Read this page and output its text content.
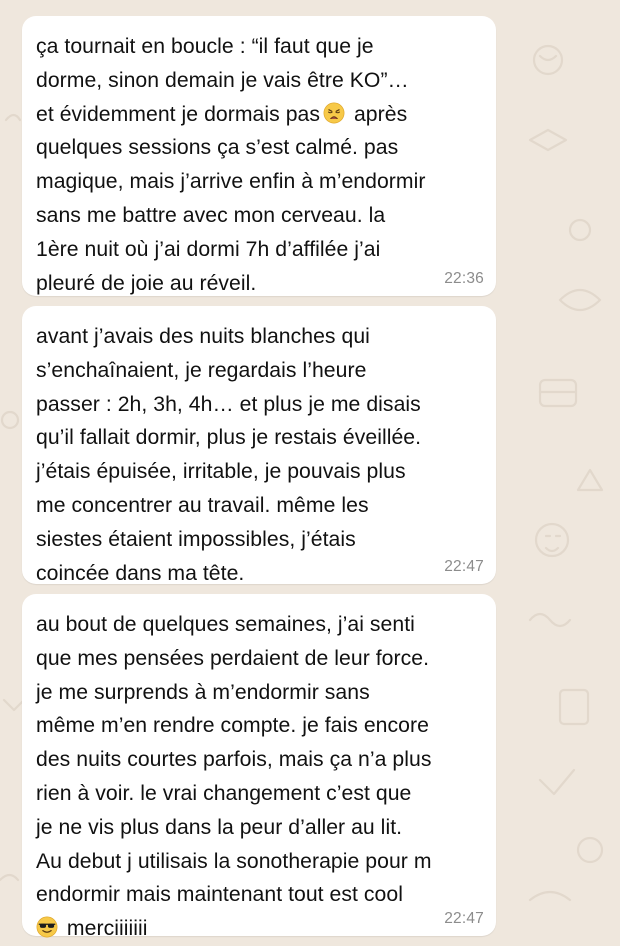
ça tournait en boucle : “il faut que je
dorme, sinon demain je vais être KO”…
et évidemment je dormais pas après
quelques sessions ça s’est calmé. pas
magique, mais j’arrive enfin à m’endormir
sans me battre avec mon cerveau. la
1ère nuit où j’ai dormi 7h d’affilée j’ai
pleuré de joie au réveil.	22:36

avant j’avais des nuits blanches qui
s’enchaînaient, je regardais l’heure
passer : 2h, 3h, 4h… et plus je me disais
qu’il fallait dormir, plus je restais éveillée.
j’étais épuisée, irritable, je pouvais plus
me concentrer au travail. même les
siestes étaient impossibles, j’étais
coincée dans ma tête.	22:47

au bout de quelques semaines, j’ai senti
que mes pensées perdaient de leur force.
je me surprends à m’endormir sans
même m’en rendre compte. je fais encore
des nuits courtes parfois, mais ça n’a plus
rien à voir. le vrai changement c’est que
je ne vis plus dans la peur d’aller au lit.
Au debut j utilisais la sonotherapie pour m
endormir mais maintenant tout est cool
merciiiiiii	22:47
